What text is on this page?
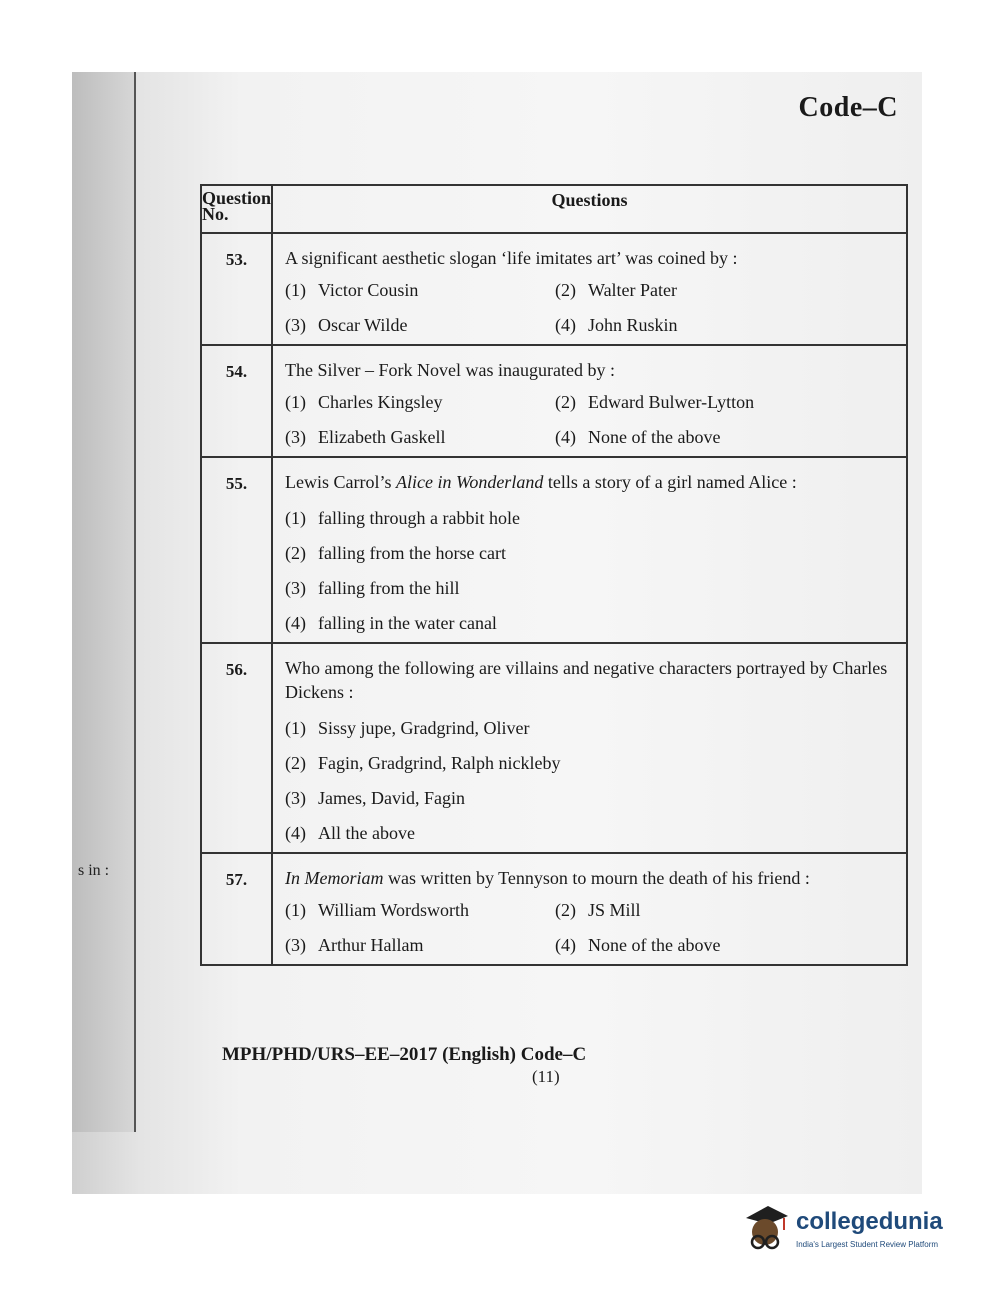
s in :
Code–C
Question No.	Questions
53.	A significant aesthetic slogan ‘life imitates art’ was coined by :
(1) Victor Cousin (2) Walter Pater
(3) Oscar Wilde (4) John Ruskin

54.	The Silver – Fork Novel was inaugurated by :
(1) Charles Kingsley (2) Edward Bulwer-Lytton
(3) Elizabeth Gaskell (4) None of the above

55.	Lewis Carrol’s Alice in Wonderland tells a story of a girl named Alice :
(1) falling through a rabbit hole
(2) falling from the horse cart
(3) falling from the hill
(4) falling in the water canal

56.	Who among the following are villains and negative characters portrayed by Charles Dickens :
(1) Sissy jupe, Gradgrind, Oliver
(2) Fagin, Gradgrind, Ralph nickleby
(3) James, David, Fagin
(4) All the above

57.	In Memoriam was written by Tennyson to mourn the death of his friend :
(1) William Wordsworth (2) JS Mill
(3) Arthur Hallam (4) None of the above
MPH/PHD/URS–EE–2017 (English) Code–C
(11)
collegedunia
India's Largest Student Review Platform
